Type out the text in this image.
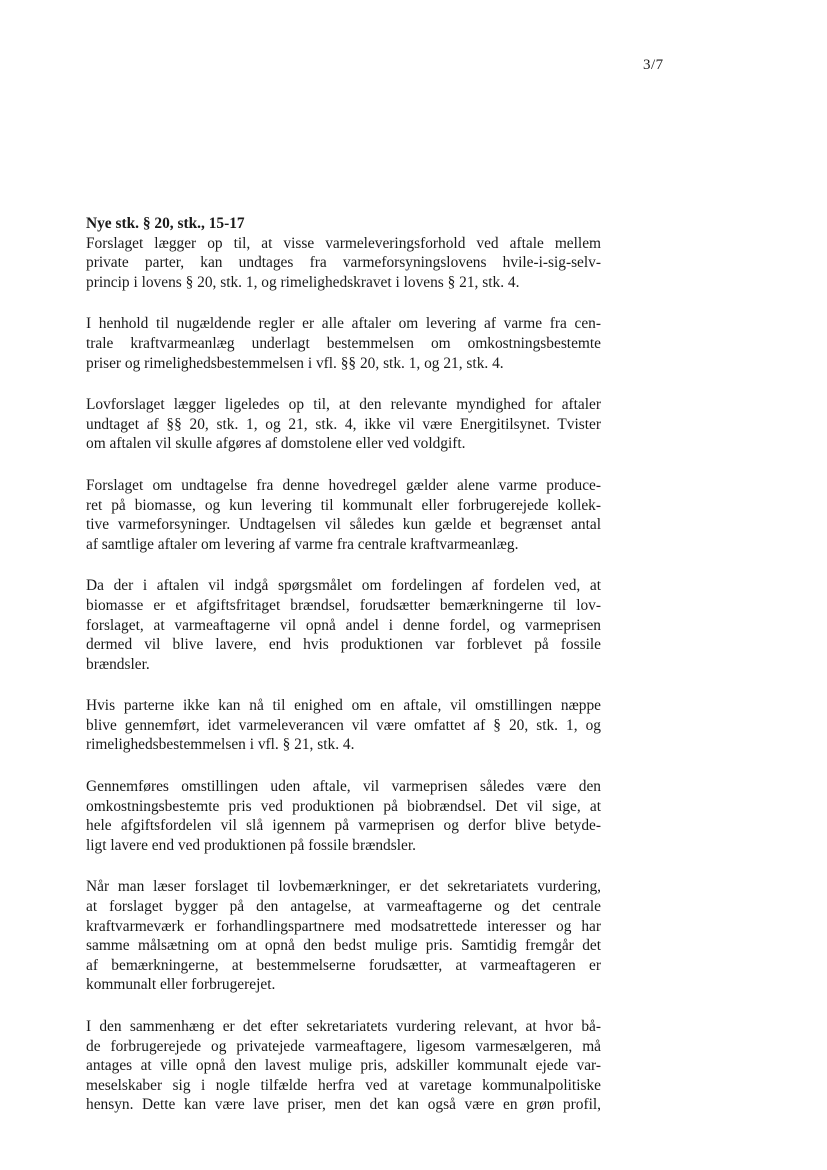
3/7

Nye stk. § 20, stk., 15-17

Forslaget lægger op til, at visse varmeleveringsforhold ved aftale mellem
private parter, kan undtages fra varmeforsyningslovens hvile-i-sig-selv-
princip i lovens § 20, stk. 1, og rimelighedskravet i lovens § 21, stk. 4.

I henhold til nugældende regler er alle aftaler om levering af varme fra cen-
trale kraftvarmeanlæg underlagt bestemmelsen om omkostningsbestemte
priser og rimelighedsbestemmelsen i vfl. §§ 20, stk. 1, og 21, stk. 4.

Lovforslaget lægger ligeledes op til, at den relevante myndighed for aftaler
undtaget af §§ 20, stk. 1, og 21, stk. 4, ikke vil være Energitilsynet. Tvister
om aftalen vil skulle afgøres af domstolene eller ved voldgift.

Forslaget om undtagelse fra denne hovedregel gælder alene varme produce-
ret på biomasse, og kun levering til kommunalt eller forbrugerejede kollek-
tive varmeforsyninger. Undtagelsen vil således kun gælde et begrænset antal
af samtlige aftaler om levering af varme fra centrale kraftvarmeanlæg.

Da der i aftalen vil indgå spørgsmålet om fordelingen af fordelen ved, at
biomasse er et afgiftsfritaget brændsel, forudsætter bemærkningerne til lov-
forslaget, at varmeaftagerne vil opnå andel i denne fordel, og varmeprisen
dermed vil blive lavere, end hvis produktionen var forblevet på fossile
brændsler.

Hvis parterne ikke kan nå til enighed om en aftale, vil omstillingen næppe
blive gennemført, idet varmeleverancen vil være omfattet af § 20, stk. 1, og
rimelighedsbestemmelsen i vfl. § 21, stk. 4.

Gennemføres omstillingen uden aftale, vil varmeprisen således være den
omkostningsbestemte pris ved produktionen på biobrændsel. Det vil sige, at
hele afgiftsfordelen vil slå igennem på varmeprisen og derfor blive betyde-
ligt lavere end ved produktionen på fossile brændsler.

Når man læser forslaget til lovbemærkninger, er det sekretariatets vurdering,
at forslaget bygger på den antagelse, at varmeaftagerne og det centrale
kraftvarmeværk er forhandlingspartnere med modsatrettede interesser og har
samme målsætning om at opnå den bedst mulige pris. Samtidig fremgår det
af bemærkningerne, at bestemmelserne forudsætter, at varmeaftageren er
kommunalt eller forbrugerejet.

I den sammenhæng er det efter sekretariatets vurdering relevant, at hvor bå-
de forbrugerejede og privatejede varmeaftagere, ligesom varmesælgeren, må
antages at ville opnå den lavest mulige pris, adskiller kommunalt ejede var-
meselskaber sig i nogle tilfælde herfra ved at varetage kommunalpolitiske
hensyn. Dette kan være lave priser, men det kan også være en grøn profil,
